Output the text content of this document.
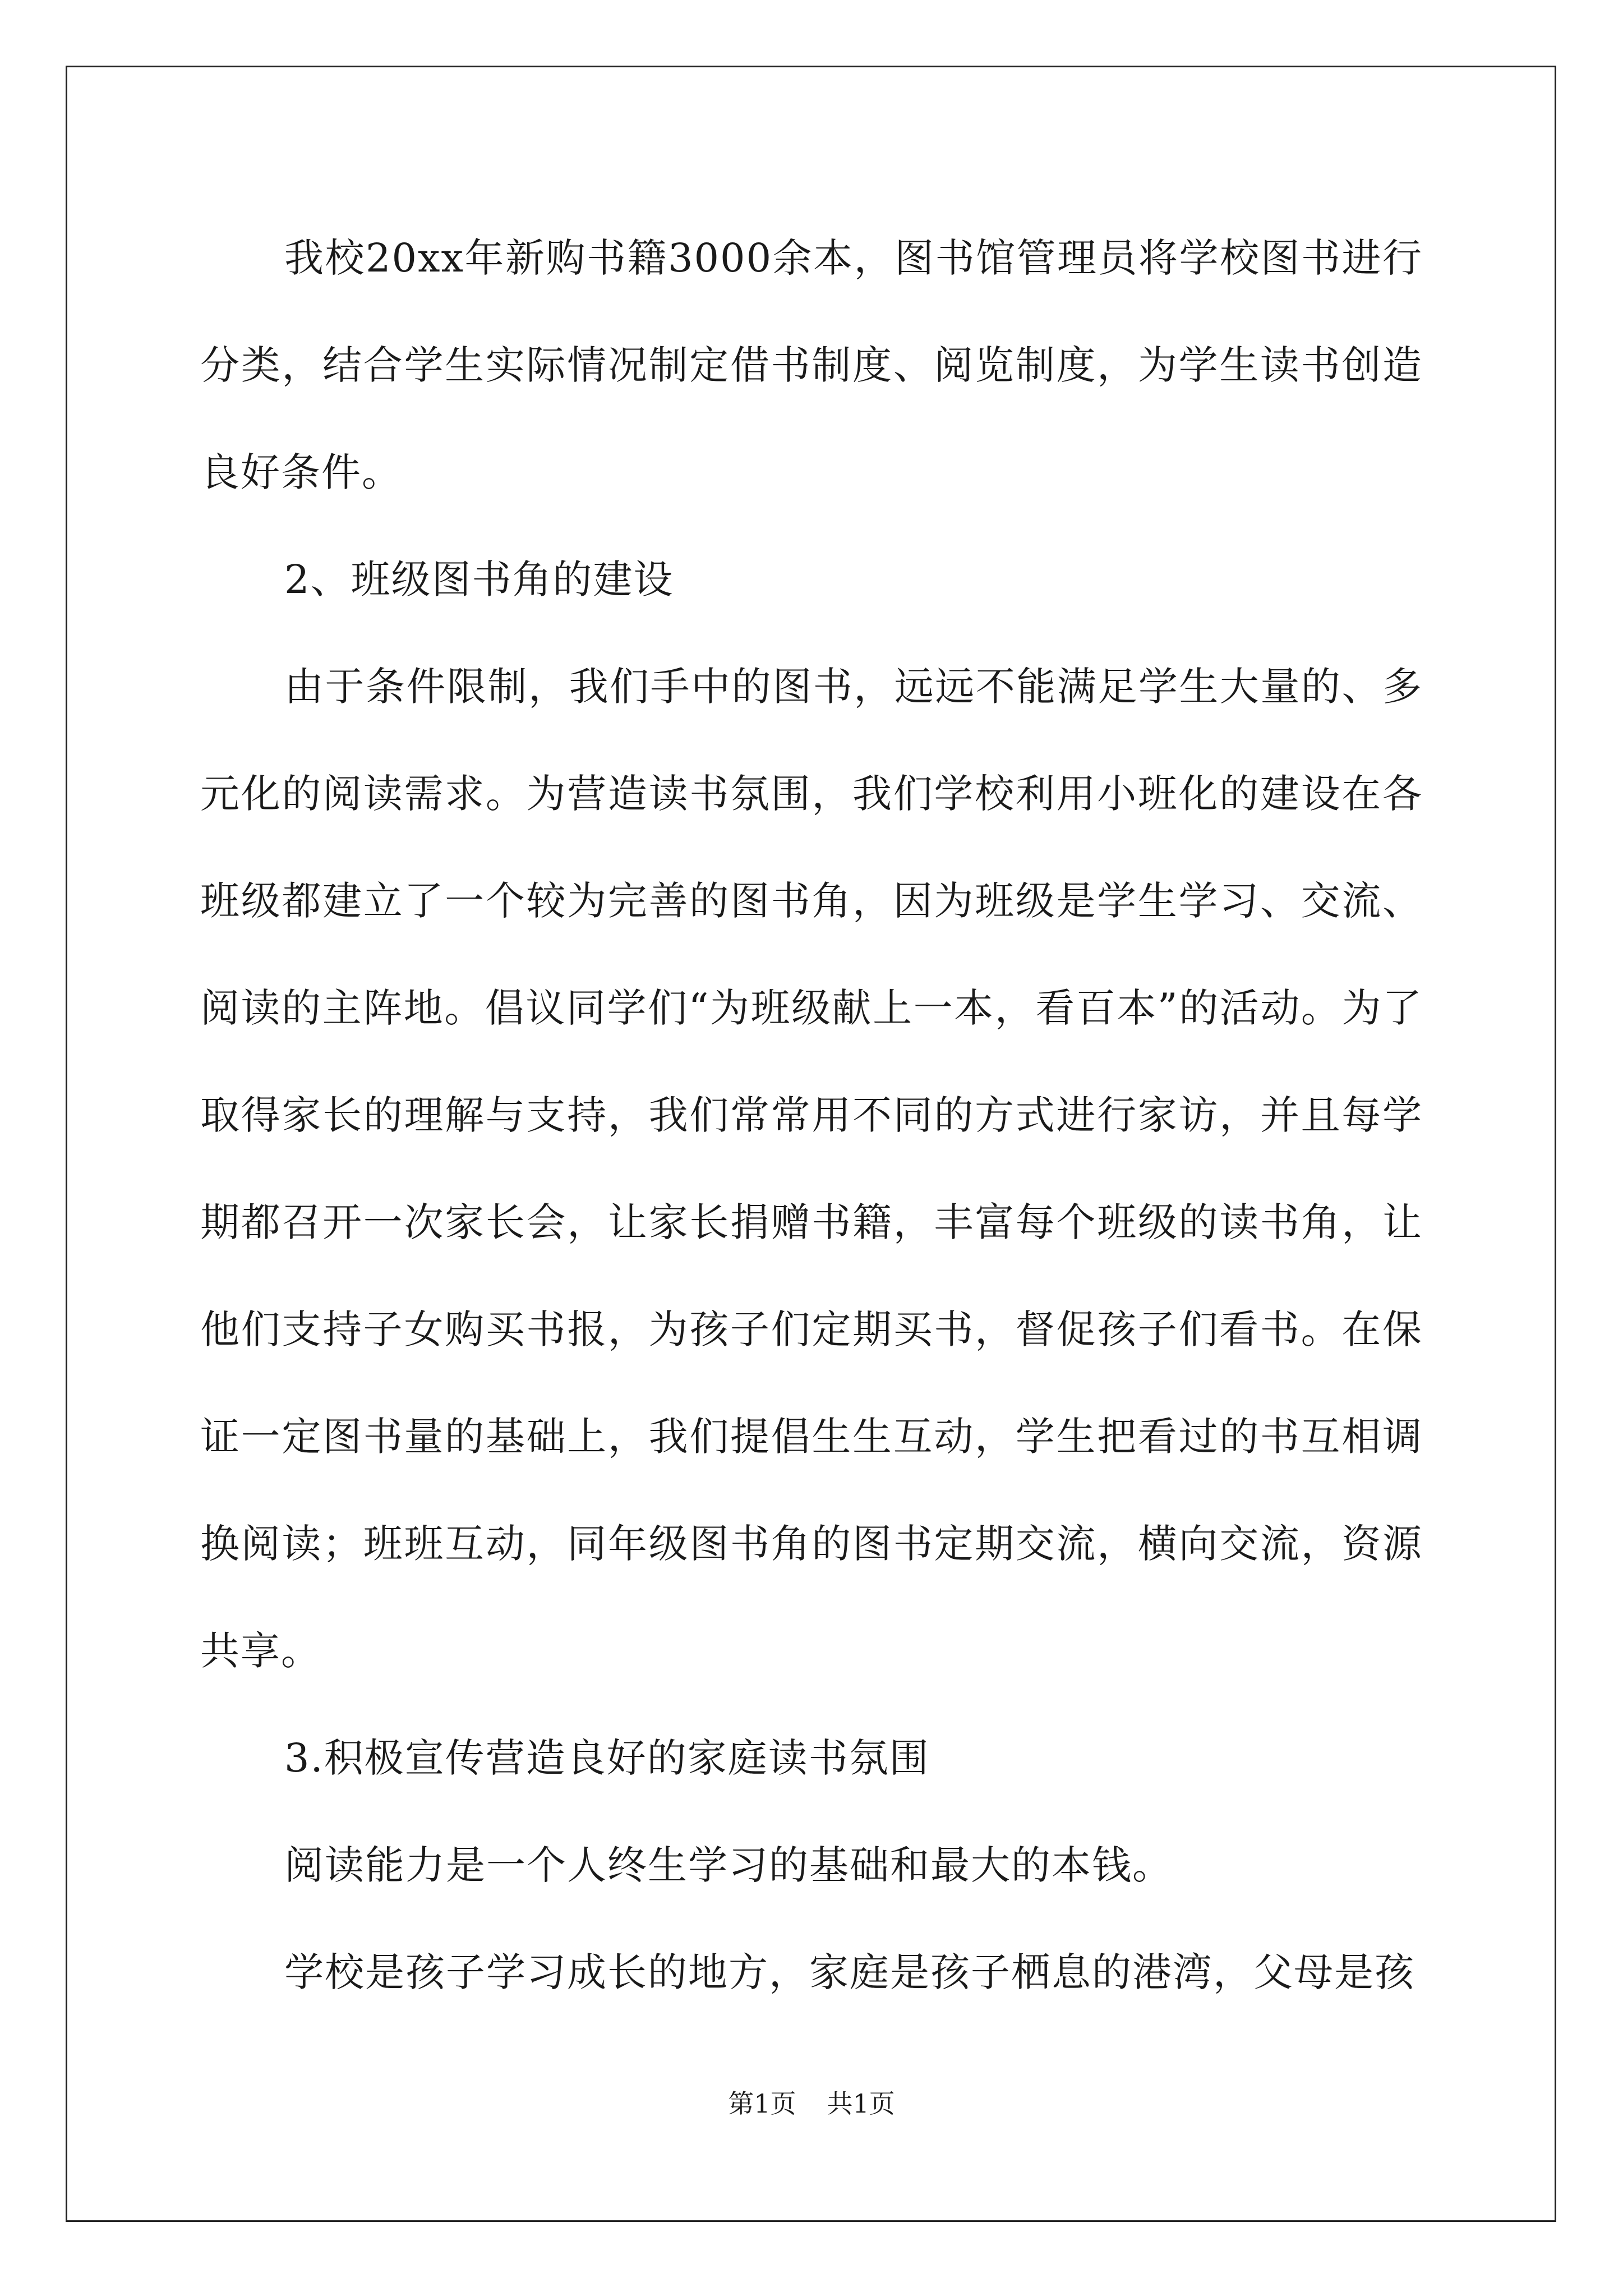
我校20xx年新购书籍3000余本，图书馆管理员将学校图书进行分类，结合学生实际情况制定借书制度、阅览制度，为学生读书创造良好条件。

2、班级图书角的建设

由于条件限制，我们手中的图书，远远不能满足学生大量的、多元化的阅读需求。为营造读书氛围，我们学校利用小班化的建设在各班级都建立了一个较为完善的图书角，因为班级是学生学习、交流、阅读的主阵地。倡议同学们“为班级献上一本，看百本”的活动。为了取得家长的理解与支持，我们常常用不同的方式进行家访，并且每学期都召开一次家长会，让家长捐赠书籍，丰富每个班级的读书角，让他们支持子女购买书报，为孩子们定期买书，督促孩子们看书。在保证一定图书量的基础上，我们提倡生生互动，学生把看过的书互相调换阅读；班班互动，同年级图书角的图书定期交流，横向交流，资源共享。

3.积极宣传营造良好的家庭读书氛围

阅读能力是一个人终生学习的基础和最大的本钱。

学校是孩子学习成长的地方，家庭是孩子栖息的港湾，父母是孩

第1页 共1页
